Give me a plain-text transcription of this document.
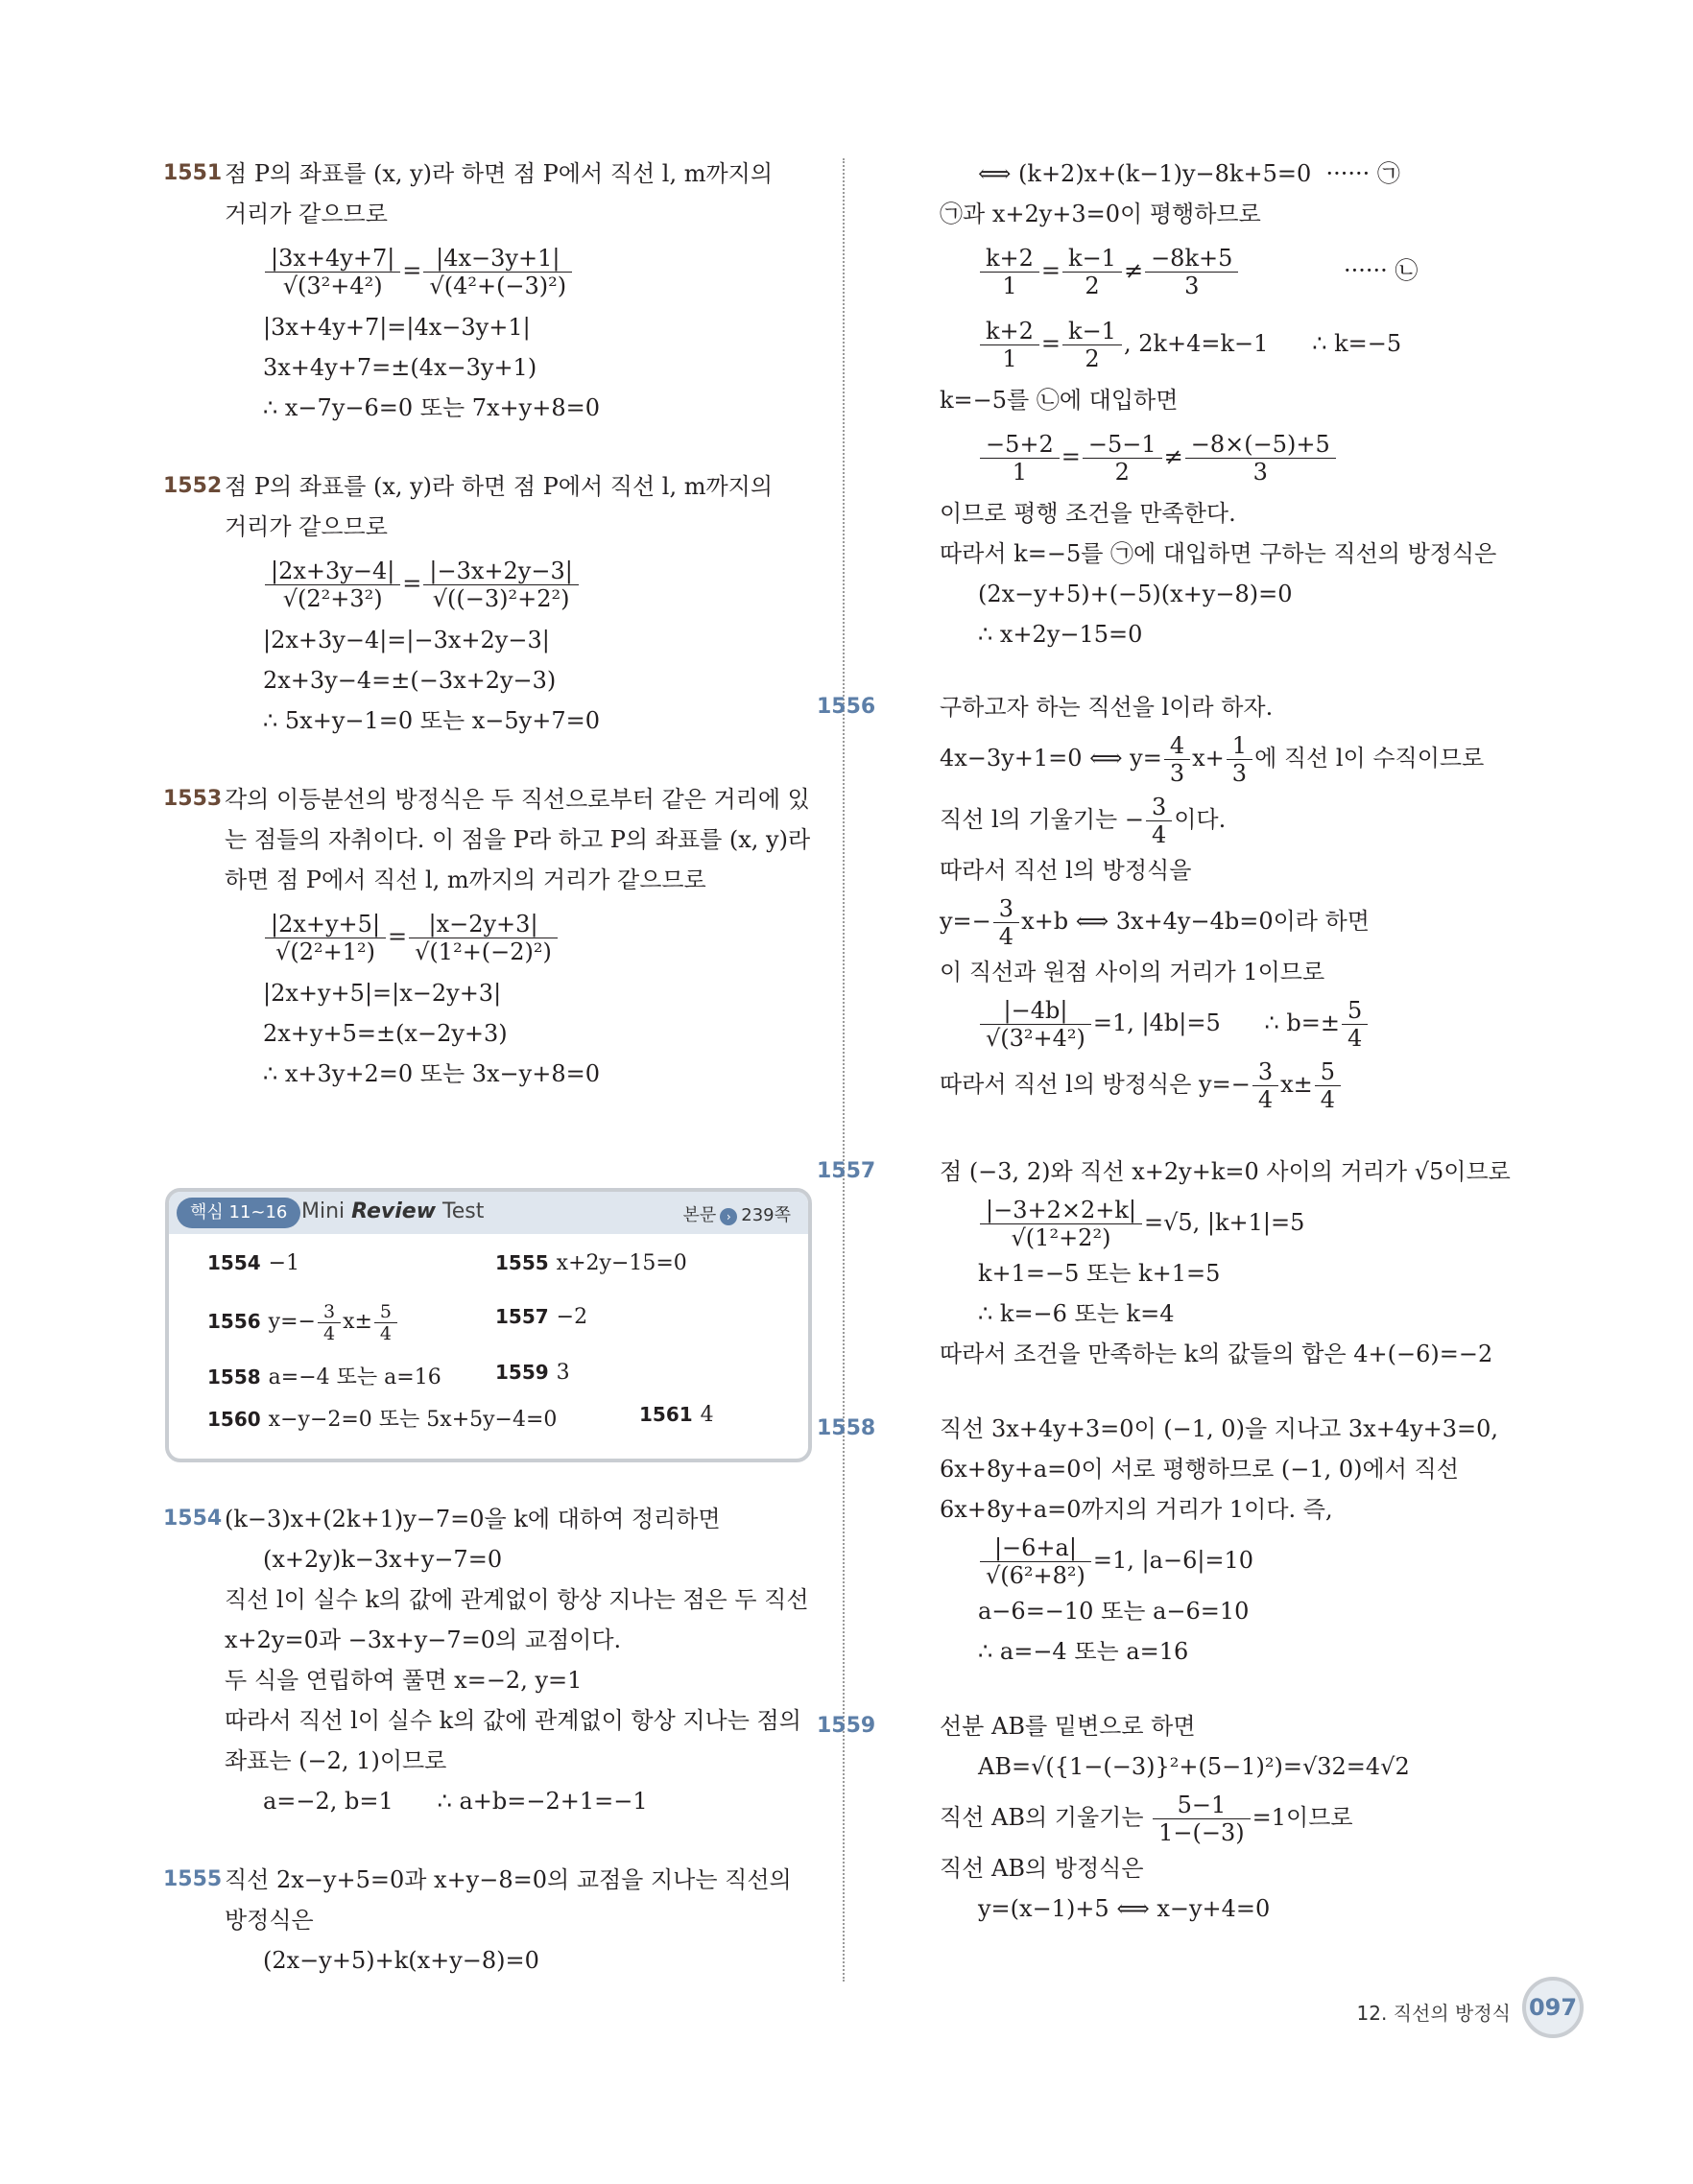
1551 점 P의 좌표를 (x, y)라 하면 점 P에서 직선 l, m까지의
거리가 같으므로
$\frac{|3x+4y+7|}{\text{√(3²+4²)}} = \frac{|4x-3y+1|}{\text{√(4²+(−3)²)}}$
|3x+4y+7|=|4x−3y+1|
3x+4y+7=±(4x−3y+1)
∴ x−7y−6=0 또는 7x+y+8=0
1552 점 P의 좌표를 (x, y)라 하면 점 P에서 직선 l, m까지의
거리가 같으므로
$\frac{|2x+3y-4|}{\text{√(2²+3²)}} = \frac{|-3x+2y-3|}{\text{√((−3)²+2²)}}$
|2x+3y−4|=|−3x+2y−3|
2x+3y−4=±(−3x+2y−3)
∴ 5x+y−1=0 또는 x−5y+7=0
1553 각의 이등분선의 방정식은 두 직선으로부터 같은 거리에 있
는 점들의 자취이다. 이 점을 P라 하고 P의 좌표를 (x, y)라
하면 점 P에서 직선 l, m까지의 거리가 같으므로
$\frac{|2x+y+5|}{\text{√(2²+1²)}} = \frac{|x-2y+3|}{\text{√(1²+(−2)²)}}$
|2x+y+5|=|x−2y+3|
2x+y+5=±(x−2y+3)
∴ x+3y+2=0 또는 3x−y+8=0
핵심 11~16 Mini Review Test	본문 › 239쪽
1554 −1	1555 x+2y−15=0
1556 $y=- \frac{3}{4} x\pm \frac{5}{4}$	1557 −2
1558 a=−4 또는 a=16	1559 3
1560 x−y−2=0 또는 5x+5y−4=0	1561 4
1554 (k−3)x+(2k+1)y−7=0을 k에 대하여 정리하면
(x+2y)k−3x+y−7=0
직선 l이 실수 k의 값에 관계없이 항상 지나는 점은 두 직선
x+2y=0과 −3x+y−7=0의 교점이다.
두 식을 연립하여 풀면 x=−2, y=1
따라서 직선 l이 실수 k의 값에 관계없이 항상 지나는 점의
좌표는 (−2, 1)이므로
a=−2, b=1      ∴ a+b=−2+1=−1
1555 직선 2x−y+5=0과 x+y−8=0의 교점을 지나는 직선의
방정식은
(2x−y+5)+k(x+y−8)=0
⟺ (k+2)x+(k−1)y−8k+5=0  ······ ㉠
㉠과 x+2y+3=0이 평행하므로
$\frac{k+2}{1} = \frac{k-1}{2} \ne \frac{-8k+5}{3}$	······ ㉡
$\frac{k+2}{1} = \frac{k-1}{2}$ , 2k+4=k−1      ∴ k=−5
k=−5를 ㉡에 대입하면
$\frac{-5+2}{1} = \frac{-5-1}{2} \ne \frac{-8\times(-5)+5}{3}$
이므로 평행 조건을 만족한다.
따라서 k=−5를 ㉠에 대입하면 구하는 직선의 방정식은
(2x−y+5)+(−5)(x+y−8)=0
∴ x+2y−15=0
1556	구하고자 하는 직선을 l이라 하자.
4x−3y+1=0 ⟺ $y= \frac{4}{3} x+ \frac{1}{3}$ 에 직선 l이 수직이므로
직선 l의 기울기는 − $\frac{3}{4}$ 이다.
따라서 직선 l의 방정식을
$y=- \frac{3}{4} x+b$ ⟺ 3x+4y−4b=0이라 하면
이 직선과 원점 사이의 거리가 1이므로
$\frac{|-4b|}{\text{√(3²+4²)}} =1$, |4b|=5      ∴ $b=\pm \frac{5}{4}$
따라서 직선 l의 방정식은 $y=- \frac{3}{4} x\pm \frac{5}{4}$
1557	점 (−3, 2)와 직선 x+2y+k=0 사이의 거리가 √5이므로
$\frac{|-3+2\times 2+k|}{\text{√(1²+2²)}} =√5$, |k+1|=5
k+1=−5 또는 k+1=5
∴ k=−6 또는 k=4
따라서 조건을 만족하는 k의 값들의 합은 4+(−6)=−2
1558	직선 3x+4y+3=0이 (−1, 0)을 지나고 3x+4y+3=0,
6x+8y+a=0이 서로 평행하므로 (−1, 0)에서 직선
6x+8y+a=0까지의 거리가 1이다. 즉,
$\frac{|-6+a|}{\text{√(6²+8²)}} =1$, |a−6|=10
a−6=−10 또는 a−6=10
∴ a=−4 또는 a=16
1559	선분 AB를 밑변으로 하면
AB=√({1−(−3)}²+(5−1)²)=√32=4√2
직선 AB의 기울기는 $\frac{5-1}{1-(-3)} =1$이므로
직선 AB의 방정식은
y=(x−1)+5 ⟺ x−y+4=0
12. 직선의 방정식 097
